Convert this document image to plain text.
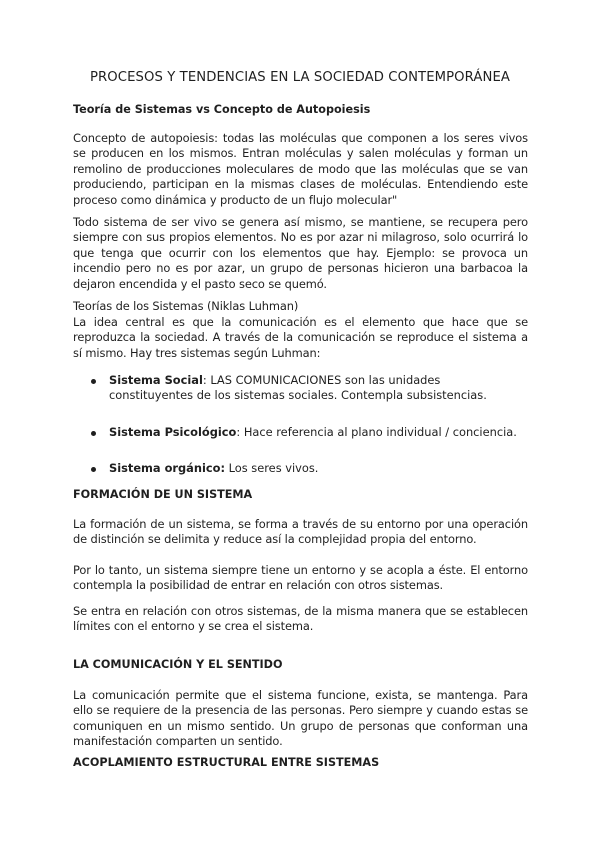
PROCESOS Y TENDENCIAS EN LA SOCIEDAD CONTEMPORÁNEA
Teoría de Sistemas vs Concepto de Autopoiesis

Concepto de autopoiesis: todas las moléculas que componen a los seres vivos se producen en los mismos. Entran moléculas y salen moléculas y forman un remolino de producciones moleculares de modo que las moléculas que se van produciendo, participan en la mismas clases de moléculas. Entendiendo este proceso como dinámica y producto de un flujo molecular"

Todo sistema de ser vivo se genera así mismo, se mantiene, se recupera pero siempre con sus propios elementos. No es por azar ni milagroso, solo ocurrirá lo que tenga que ocurrir con los elementos que hay. Ejemplo: se provoca un incendio pero no es por azar, un grupo de personas hicieron una barbacoa la dejaron encendida y el pasto seco se quemó.

Teorías de los Sistemas (Niklas Luhman)

La idea central es que la comunicación es el elemento que hace que se reproduzca la sociedad. A través de la comunicación se reproduce el sistema a sí mismo. Hay tres sistemas según Luhman:

Sistema Social: LAS COMUNICACIONES son las unidades constituyentes de los sistemas sociales. Contempla subsistencias.
Sistema Psicológico: Hace referencia al plano individual / conciencia.
Sistema orgánico: Los seres vivos.
FORMACIÓN DE UN SISTEMA

La formación de un sistema, se forma a través de su entorno por una operación de distinción se delimita y reduce así la complejidad propia del entorno.

Por lo tanto, un sistema siempre tiene un entorno y se acopla a éste. El entorno contempla la posibilidad de entrar en relación con otros sistemas.

Se entra en relación con otros sistemas, de la misma manera que se establecen límites con el entorno y se crea el sistema.

LA COMUNICACIÓN Y EL SENTIDO

La comunicación permite que el sistema funcione, exista, se mantenga. Para ello se requiere de la presencia de las personas. Pero siempre y cuando estas se comuniquen en un mismo sentido. Un grupo de personas que conforman una manifestación comparten un sentido.

ACOPLAMIENTO ESTRUCTURAL ENTRE SISTEMAS
